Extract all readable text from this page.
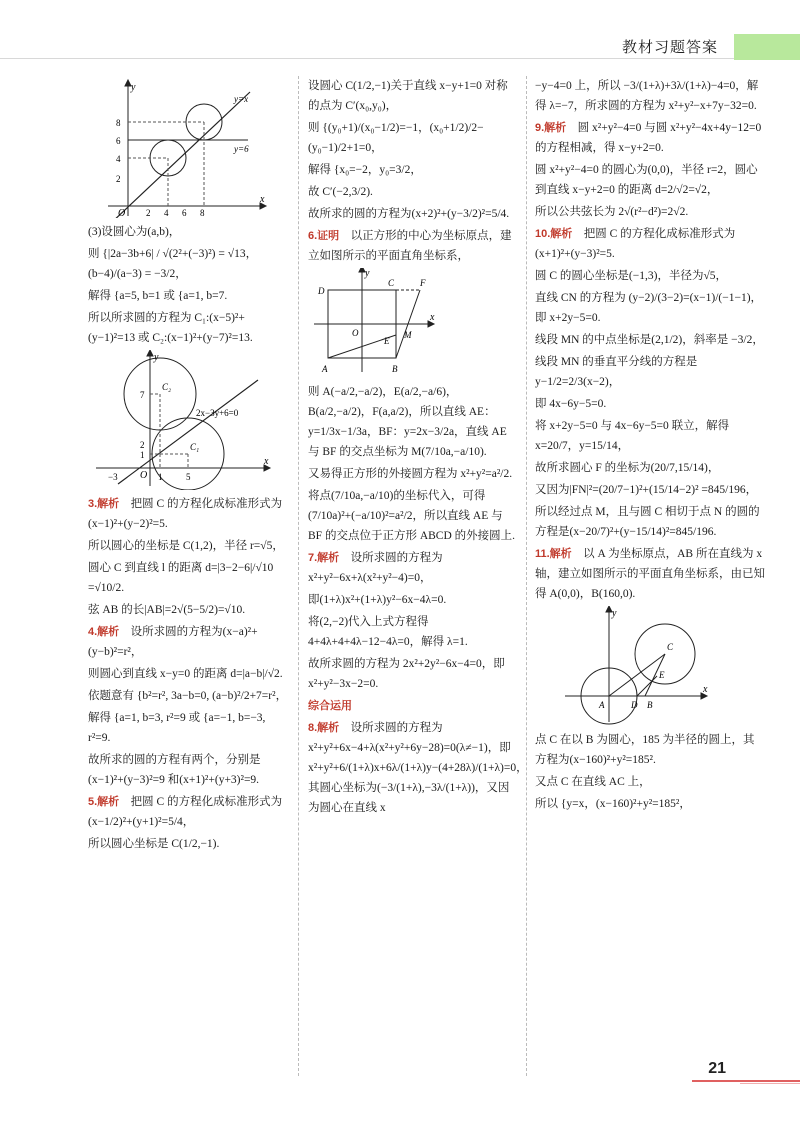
教材习题答案
y
x
O
y=x
y=6
8
6
4
2
2 4 6 8

(3)设圆心为(a,b)，

则 {|2a−3b+6| / √(2²+(−3)²) = √13，(b−4)/(a−3) = −3/2，

解得 {a=5, b=1 或 {a=1, b=7.

所以所求圆的方程为 C₁:(x−5)²+(y−1)²=13 或 C₂:(x−1)²+(y−7)²=13.

y
x
O
2x−3y+6=0
C₂
C₁
7
2
1
−3	1	5

3.解析　把圆 C 的方程化成标准形式为 (x−1)²+(y−2)²=5.

所以圆心的坐标是 C(1,2)，半径 r=√5，

圆心 C 到直线 l 的距离 d=|3−2−6|/√10 =√10/2.

弦 AB 的长|AB|=2√(5−5/2)=√10.

4.解析　设所求圆的方程为(x−a)²+(y−b)²=r²，

则圆心到直线 x−y=0 的距离 d=|a−b|/√2.

依题意有 {b²=r², 3a−b=0, (a−b)²/2+7=r²，

解得 {a=1, b=3, r²=9 或 {a=−1, b=−3, r²=9.

故所求的圆的方程有两个，分别是(x−1)²+(y−3)²=9 和(x+1)²+(y+3)²=9.

5.解析　把圆 C 的方程化成标准形式为 (x−1/2)²+(y+1)²=5/4，

所以圆心坐标是 C(1/2,−1).

设圆心 C(1/2,−1)关于直线 x−y+1=0 对称的点为 C′(x₀,y₀)，

则 {(y₀+1)/(x₀−1/2)=−1，(x₀+1/2)/2−(y₀−1)/2+1=0，

解得 {x₀=−2，y₀=3/2，

故 C′(−2,3/2).

故所求的圆的方程为(x+2)²+(y−3/2)²=5/4.

6.证明　以正方形的中心为坐标原点，建立如图所示的平面直角坐标系，

y
x
O
D
C	F
M
E
A	B

则 A(−a/2,−a/2)，E(a/2,−a/6)，B(a/2,−a/2)，F(a,a/2)，所以直线 AE：y=1/3x−1/3a，BF：y=2x−3/2a，直线 AE 与 BF 的交点坐标为 M(7/10a,−a/10).

又易得正方形的外接圆方程为 x²+y²=a²/2.

将点(7/10a,−a/10)的坐标代入，可得(7/10a)²+(−a/10)²=a²/2，所以直线 AE 与 BF 的交点位于正方形 ABCD 的外接圆上.

7.解析　设所求圆的方程为 x²+y²−6x+λ(x²+y²−4)=0，

即(1+λ)x²+(1+λ)y²−6x−4λ=0.

将(2,−2)代入上式方程得 4+4λ+4+4λ−12−4λ=0，解得 λ=1.

故所求圆的方程为 2x²+2y²−6x−4=0，即 x²+y²−3x−2=0.

综合运用

8.解析　设所求圆的方程为 x²+y²+6x−4+λ(x²+y²+6y−28)=0(λ≠−1)，即 x²+y²+6/(1+λ)x+6λ/(1+λ)y−(4+28λ)/(1+λ)=0，其圆心坐标为(−3/(1+λ),−3λ/(1+λ))，又因为圆心在直线 x

−y−4=0 上，所以 −3/(1+λ)+3λ/(1+λ)−4=0，解得 λ=−7，所求圆的方程为 x²+y²−x+7y−32=0.

9.解析　圆 x²+y²−4=0 与圆 x²+y²−4x+4y−12=0 的方程相减，得 x−y+2=0.

圆 x²+y²−4=0 的圆心为(0,0)，半径 r=2，圆心到直线 x−y+2=0 的距离 d=2/√2=√2，

所以公共弦长为 2√(r²−d²)=2√2.

10.解析　把圆 C 的方程化成标准形式为 (x+1)²+(y−3)²=5.

圆 C 的圆心坐标是(−1,3)，半径为√5，

直线 CN 的方程为 (y−2)/(3−2)=(x−1)/(−1−1)，即 x+2y−5=0.

线段 MN 的中点坐标是(2,1/2)，斜率是 −3/2，

线段 MN 的垂直平分线的方程是 y−1/2=2/3(x−2)，

即 4x−6y−5=0.

将 x+2y−5=0 与 4x−6y−5=0 联立，解得 x=20/7，y=15/14，

故所求圆心 F 的坐标为(20/7,15/14)，

又因为|FN|²=(20/7−1)²+(15/14−2)² =845/196，

所以经过点 M，且与圆 C 相切于点 N 的圆的方程是(x−20/7)²+(y−15/14)²=845/196.

11.解析　以 A 为坐标原点，AB 所在直线为 x 轴，建立如图所示的平面直角坐标系，由已知得 A(0,0)，B(160,0).

y
x
A	D B
E
C

点 C 在以 B 为圆心，185 为半径的圆上，其方程为(x−160)²+y²=185².

又点 C 在直线 AC 上，

所以 {y=x，(x−160)²+y²=185²，

21
